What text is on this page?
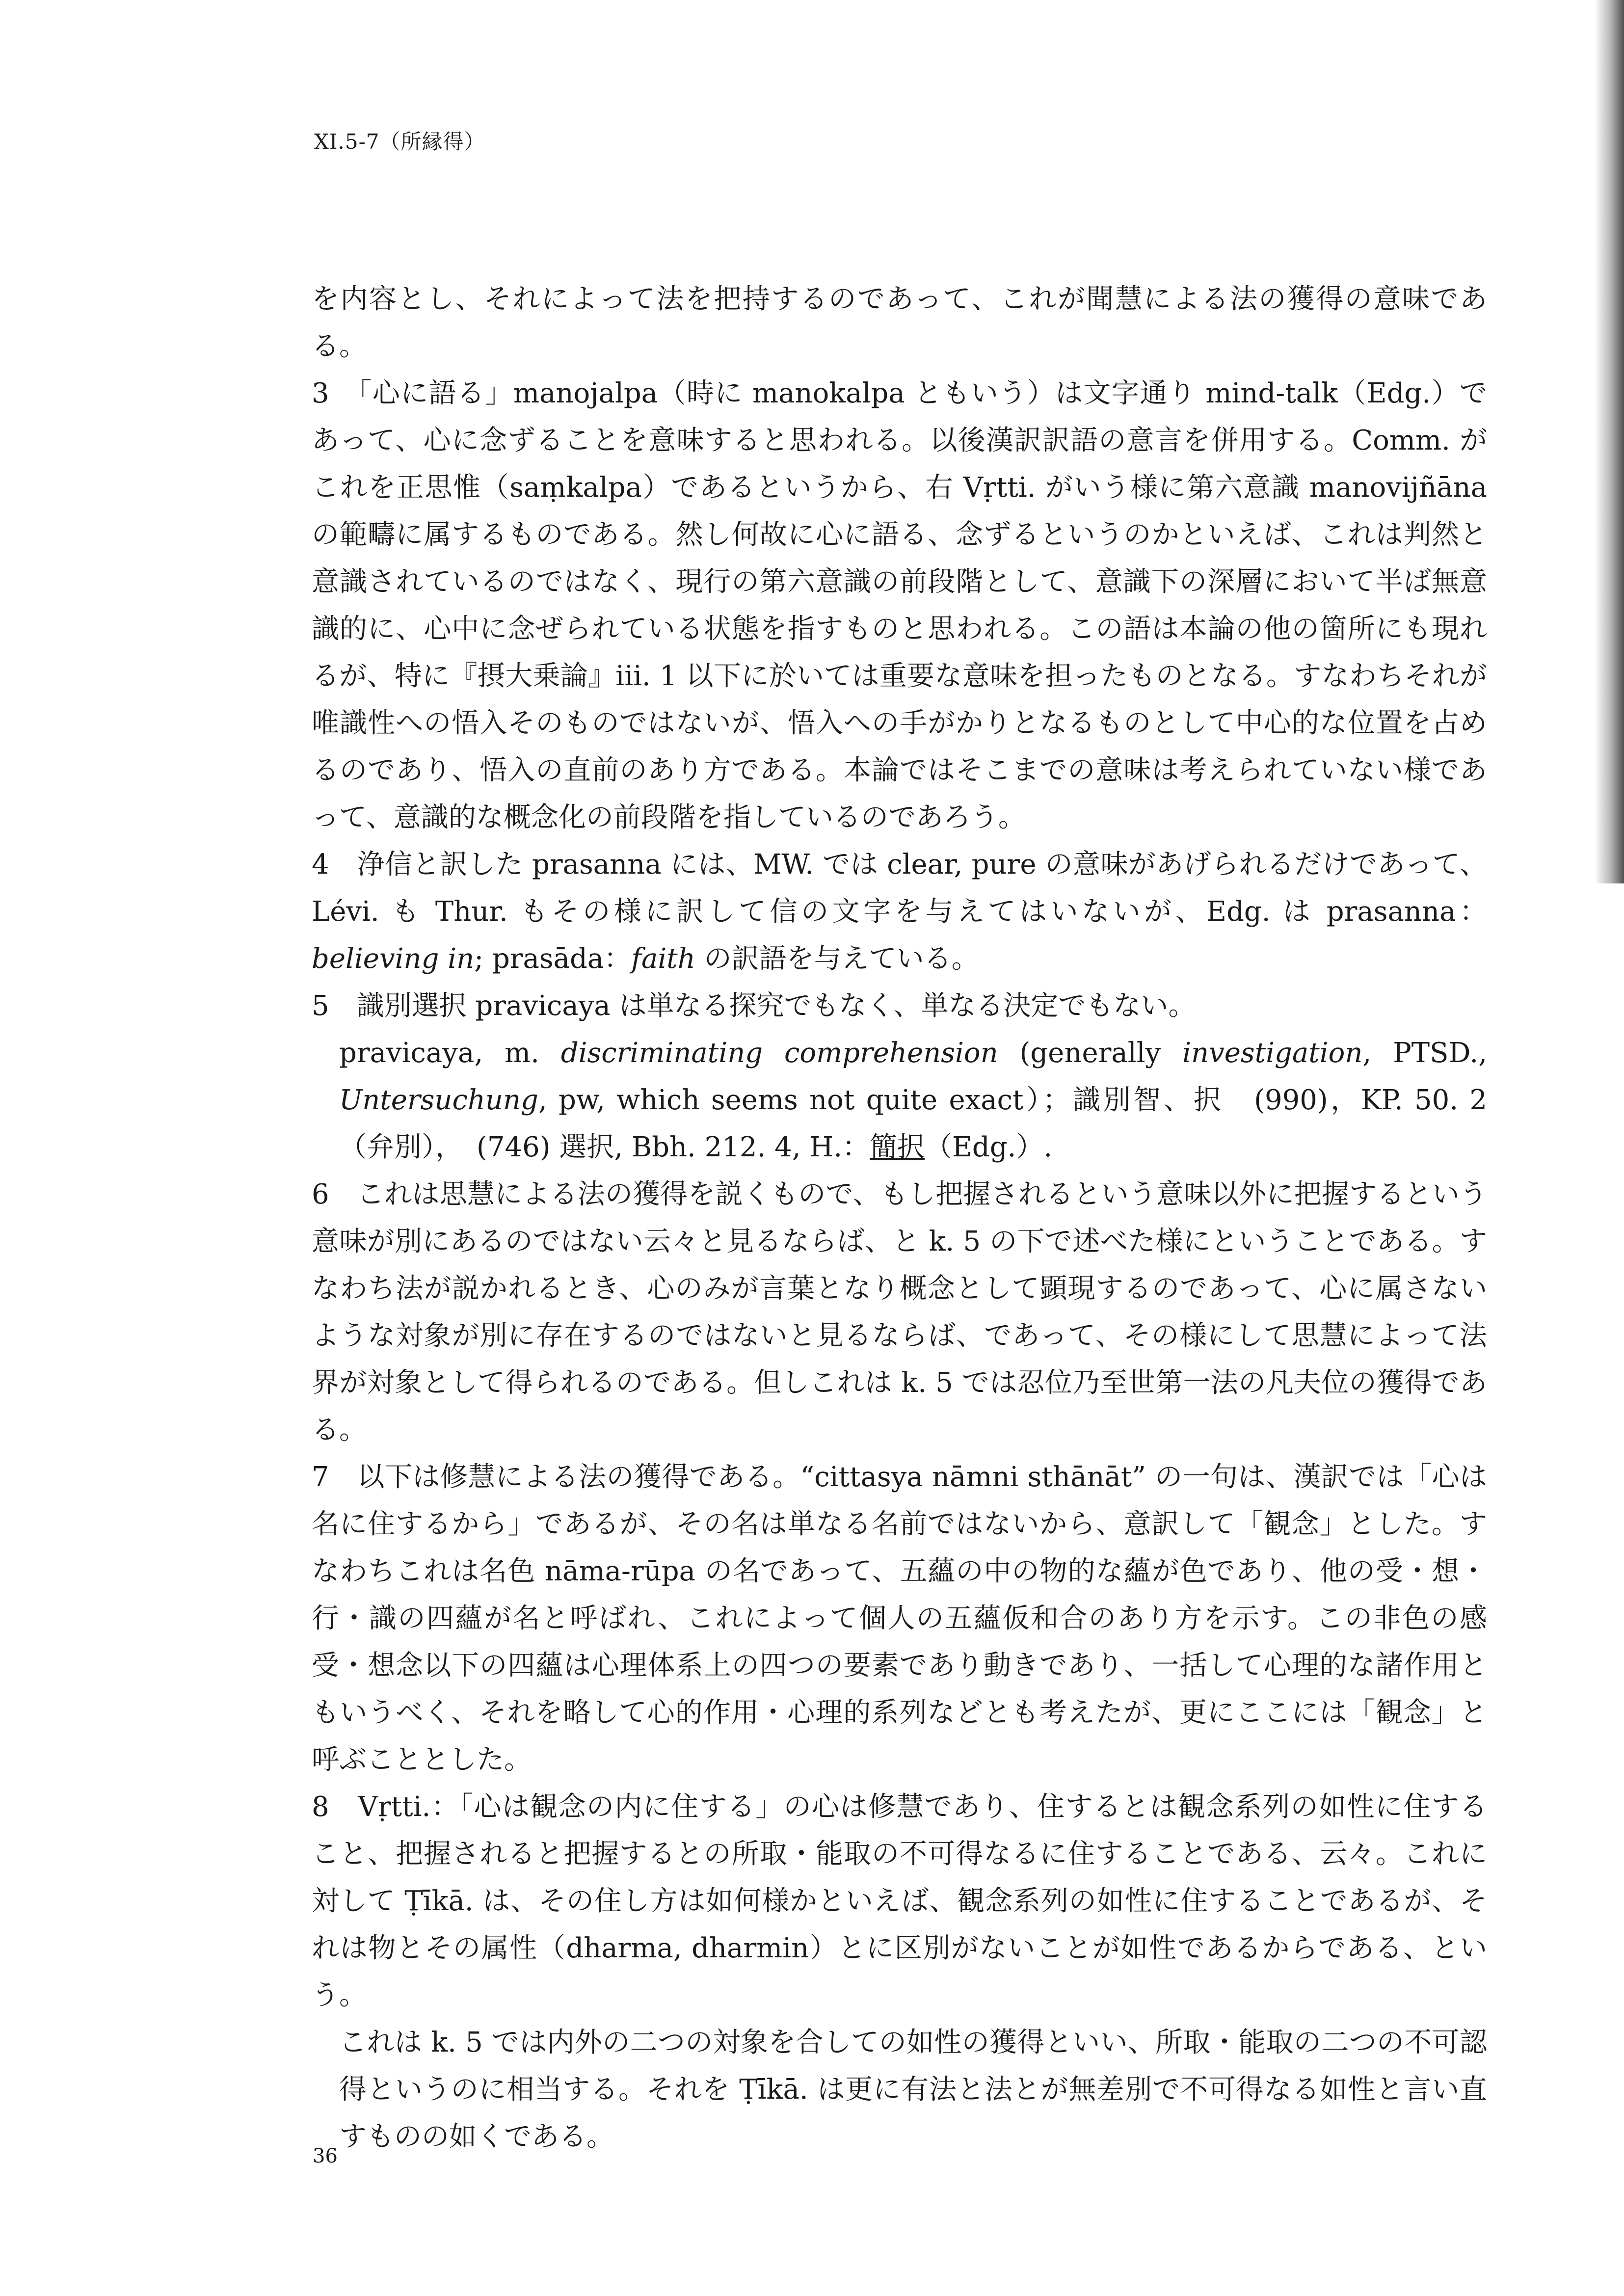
XI.5-7（所縁得）

を内容とし、それによって法を把持するのであって、これが聞慧による法の獲得の意味である。

3　「心に語る」manojalpa（時に manokalpa ともいう）は文字通り mind-talk（Edg.）であって、心に念ずることを意味すると思われる。以後漢訳訳語の意言を併用する。Comm. がこれを正思惟（saṃkalpa）であるというから、右 Vṛtti. がいう様に第六意識 manovijñāna の範疇に属するものである。然し何故に心に語る、念ずるというのかといえば、これは判然と意識されているのではなく、現行の第六意識の前段階として、意識下の深層において半ば無意識的に、心中に念ぜられている状態を指すものと思われる。この語は本論の他の箇所にも現れるが、特に『摂大乗論』iii. 1 以下に於いては重要な意味を担ったものとなる。すなわちそれが唯識性への悟入そのものではないが、悟入への手がかりとなるものとして中心的な位置を占めるのであり、悟入の直前のあり方である。本論ではそこまでの意味は考えられていない様であって、意識的な概念化の前段階を指しているのであろう。

4　浄信と訳した prasanna には、MW. では clear, pure の意味があげられるだけであって、Lévi. も Thur. もその様に訳して信の文字を与えてはいないが、Edg. は prasanna：believing in; prasāda：faith の訳語を与えている。

5　識別選択 pravicaya は単なる探究でもなく、単なる決定でもない。

pravicaya, m. discriminating comprehension (generally investigation, PTSD., Untersuchung, pw, which seems not quite exact）；識別智、択　(990)，KP. 50. 2（弁別），　(746) 選択, Bbh. 212. 4, H.：簡択（Edg.）.

6　これは思慧による法の獲得を説くもので、もし把握されるという意味以外に把握するという意味が別にあるのではない云々と見るならば、と k. 5 の下で述べた様にということである。すなわち法が説かれるとき、心のみが言葉となり概念として顕現するのであって、心に属さないような対象が別に存在するのではないと見るならば、であって、その様にして思慧によって法界が対象として得られるのである。但しこれは k. 5 では忍位乃至世第一法の凡夫位の獲得である。

7　以下は修慧による法の獲得である。“cittasya nāmni sthānāt” の一句は、漢訳では「心は名に住するから」であるが、その名は単なる名前ではないから、意訳して「観念」とした。すなわちこれは名色 nāma-rūpa の名であって、五蘊の中の物的な蘊が色であり、他の受・想・行・識の四蘊が名と呼ばれ、これによって個人の五蘊仮和合のあり方を示す。この非色の感受・想念以下の四蘊は心理体系上の四つの要素であり動きであり、一括して心理的な諸作用ともいうべく、それを略して心的作用・心理的系列などとも考えたが、更にここには「観念」と呼ぶこととした。

8　Vṛtti.：「心は観念の内に住する」の心は修慧であり、住するとは観念系列の如性に住すること、把握されると把握するとの所取・能取の不可得なるに住することである、云々。これに対して Ṭīkā. は、その住し方は如何様かといえば、観念系列の如性に住することであるが、それは物とその属性（dharma, dharmin）とに区別がないことが如性であるからである、という。

これは k. 5 では内外の二つの対象を合しての如性の獲得といい、所取・能取の二つの不可認得というのに相当する。それを Ṭīkā. は更に有法と法とが無差別で不可得なる如性と言い直すものの如くである。

36
